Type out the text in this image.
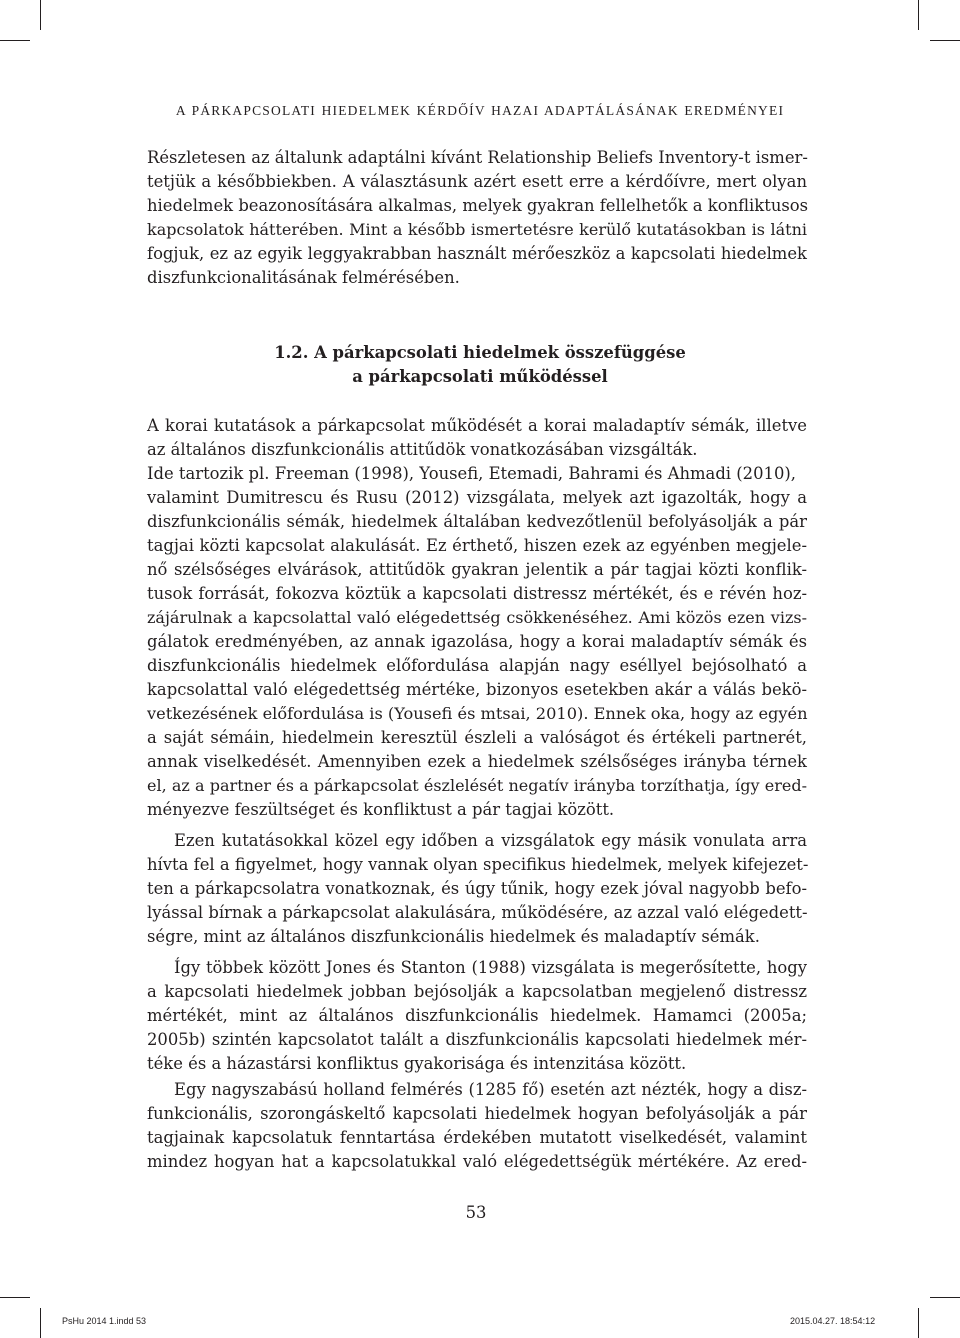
A PÁRKAPCSOLATI HIEDELMEK KÉRDŐÍV HAZAI ADAPTÁLÁSÁNAK EREDMÉNYEI
Részletesen az általunk adaptálni kívánt Relationship Beliefs Inventory-t ismer-
tetjük a későbbiekben. A választásunk azért esett erre a kérdőívre, mert olyan
hiedelmek beazonosítására alkalmas, melyek gyakran fellelhetők a konfliktusos
kapcsolatok hátterében. Mint a később ismertetésre kerülő kutatásokban is látni
fogjuk, ez az egyik leggyakrabban használt mérőeszköz a kapcsolati hiedelmek
diszfunkcionalitásának felmérésében.
1.2. A párkapcsolati hiedelmek összefüggése
a párkapcsolati működéssel
A korai kutatások a párkapcsolat működését a korai maladaptív sémák, illetve
az általános diszfunkcionális attitűdök vonatkozásában vizsgálták.
Ide tartozik pl. Freeman (1998), Yousefi, Etemadi, Bahrami és Ahmadi (2010),
valamint Dumitrescu és Rusu (2012) vizsgálata, melyek azt igazolták, hogy a
diszfunkcionális sémák, hiedelmek általában kedvezőtlenül befolyásolják a pár
tagjai közti kapcsolat alakulását. Ez érthető, hiszen ezek az egyénben megjele-
nő szélsőséges elvárások, attitűdök gyakran jelentik a pár tagjai közti konflik-
tusok forrását, fokozva köztük a kapcsolati distressz mértékét, és e révén hoz-
zájárulnak a kapcsolattal való elégedettség csökkenéséhez. Ami közös ezen vizs-
gálatok eredményében, az annak igazolása, hogy a korai maladaptív sémák és
diszfunkcionális hiedelmek előfordulása alapján nagy eséllyel bejósolható a
kapcsolattal való elégedettség mértéke, bizonyos esetekben akár a válás bekö-
vetkezésének előfordulása is (Yousefi és mtsai, 2010). Ennek oka, hogy az egyén
a saját sémáin, hiedelmein keresztül észleli a valóságot és értékeli partnerét,
annak viselkedését. Amennyiben ezek a hiedelmek szélsőséges irányba térnek
el, az a partner és a párkapcsolat észlelését negatív irányba torzíthatja, így ered-
ményezve feszültséget és konfliktust a pár tagjai között.
Ezen kutatásokkal közel egy időben a vizsgálatok egy másik vonulata arra
hívta fel a figyelmet, hogy vannak olyan specifikus hiedelmek, melyek kifejezet-
ten a párkapcsolatra vonatkoznak, és úgy tűnik, hogy ezek jóval nagyobb befo-
lyással bírnak a párkapcsolat alakulására, működésére, az azzal való elégedett-
ségre, mint az általános diszfunkcionális hiedelmek és maladaptív sémák.
Így többek között Jones és Stanton (1988) vizsgálata is megerősítette, hogy
a kapcsolati hiedelmek jobban bejósolják a kapcsolatban megjelenő distressz
mértékét, mint az általános diszfunkcionális hiedelmek. Hamamci (2005a;
2005b) szintén kapcsolatot talált a diszfunkcionális kapcsolati hiedelmek mér-
téke és a házastársi konfliktus gyakorisága és intenzitása között.
Egy nagyszabású holland felmérés (1285 fő) esetén azt nézték, hogy a disz-
funkcionális, szorongáskeltő kapcsolati hiedelmek hogyan befolyásolják a pár
tagjainak kapcsolatuk fenntartása érdekében mutatott viselkedését, valamint
mindez hogyan hat a kapcsolatukkal való elégedettségük mértékére. Az ered-
53
PsHu 2014 1.indd 53	2015.04.27. 18:54:12
